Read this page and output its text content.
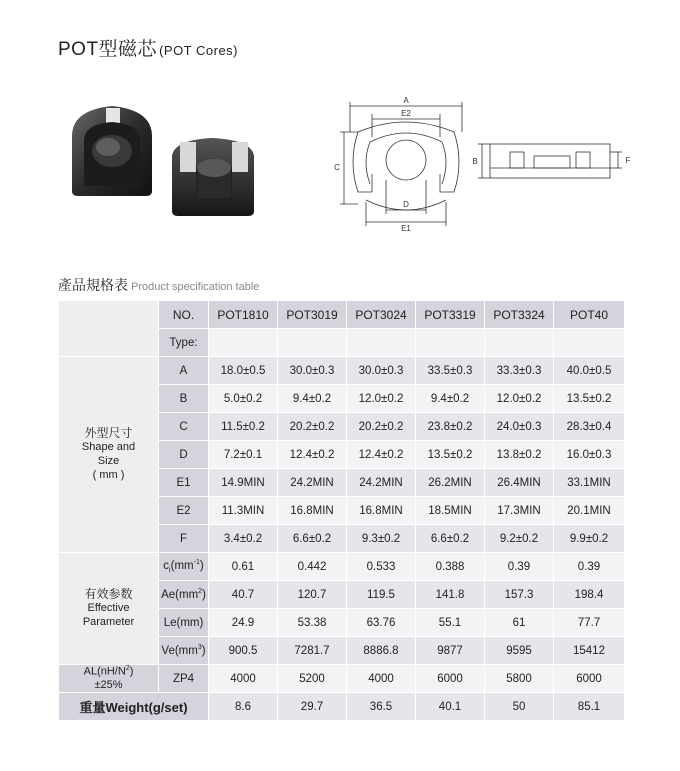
POT型磁芯 (POT Cores)
A
E2
C
D
E1
B	F
產品規格表 Product specification table
	NO.	POT1810	POT3019	POT3024	POT3319	POT3324	POT40
	Type:						

外型尺寸
Shape and
Size
( mm )	A	18.0±0.5	30.0±0.3	30.0±0.3	33.5±0.3	33.3±0.3	40.0±0.5
	B	5.0±0.2	9.4±0.2	12.0±0.2	9.4±0.2	12.0±0.2	13.5±0.2
	C	11.5±0.2	20.2±0.2	20.2±0.2	23.8±0.2	24.0±0.3	28.3±0.4
	D	7.2±0.1	12.4±0.2	12.4±0.2	13.5±0.2	13.8±0.2	16.0±0.3
	E1	14.9MIN	24.2MIN	24.2MIN	26.2MIN	26.4MIN	33.1MIN
	E2	11.3MIN	16.8MIN	16.8MIN	18.5MIN	17.3MIN	20.1MIN
	F	3.4±0.2	6.6±0.2	9.3±0.2	6.6±0.2	9.2±0.2	9.9±0.2

有效参数
Effective
Parameter	$c_i(mm^{-1})$	0.61	0.442	0.533	0.388	0.39	0.39
	$Ae(mm^2)$	40.7	120.7	119.5	141.8	157.3	198.4
	Le(mm)	24.9	53.38	63.76	55.1	61	77.7
	$Ve(mm^3)$	900.5	7281.7	8886.8	9877	9595	15412

$AL(nH/N^2)$
±25%	ZP4	4000	5200	4000	6000	5800	6000
重量Weight(g/set)		8.6	29.7	36.5	40.1	50	85.1
